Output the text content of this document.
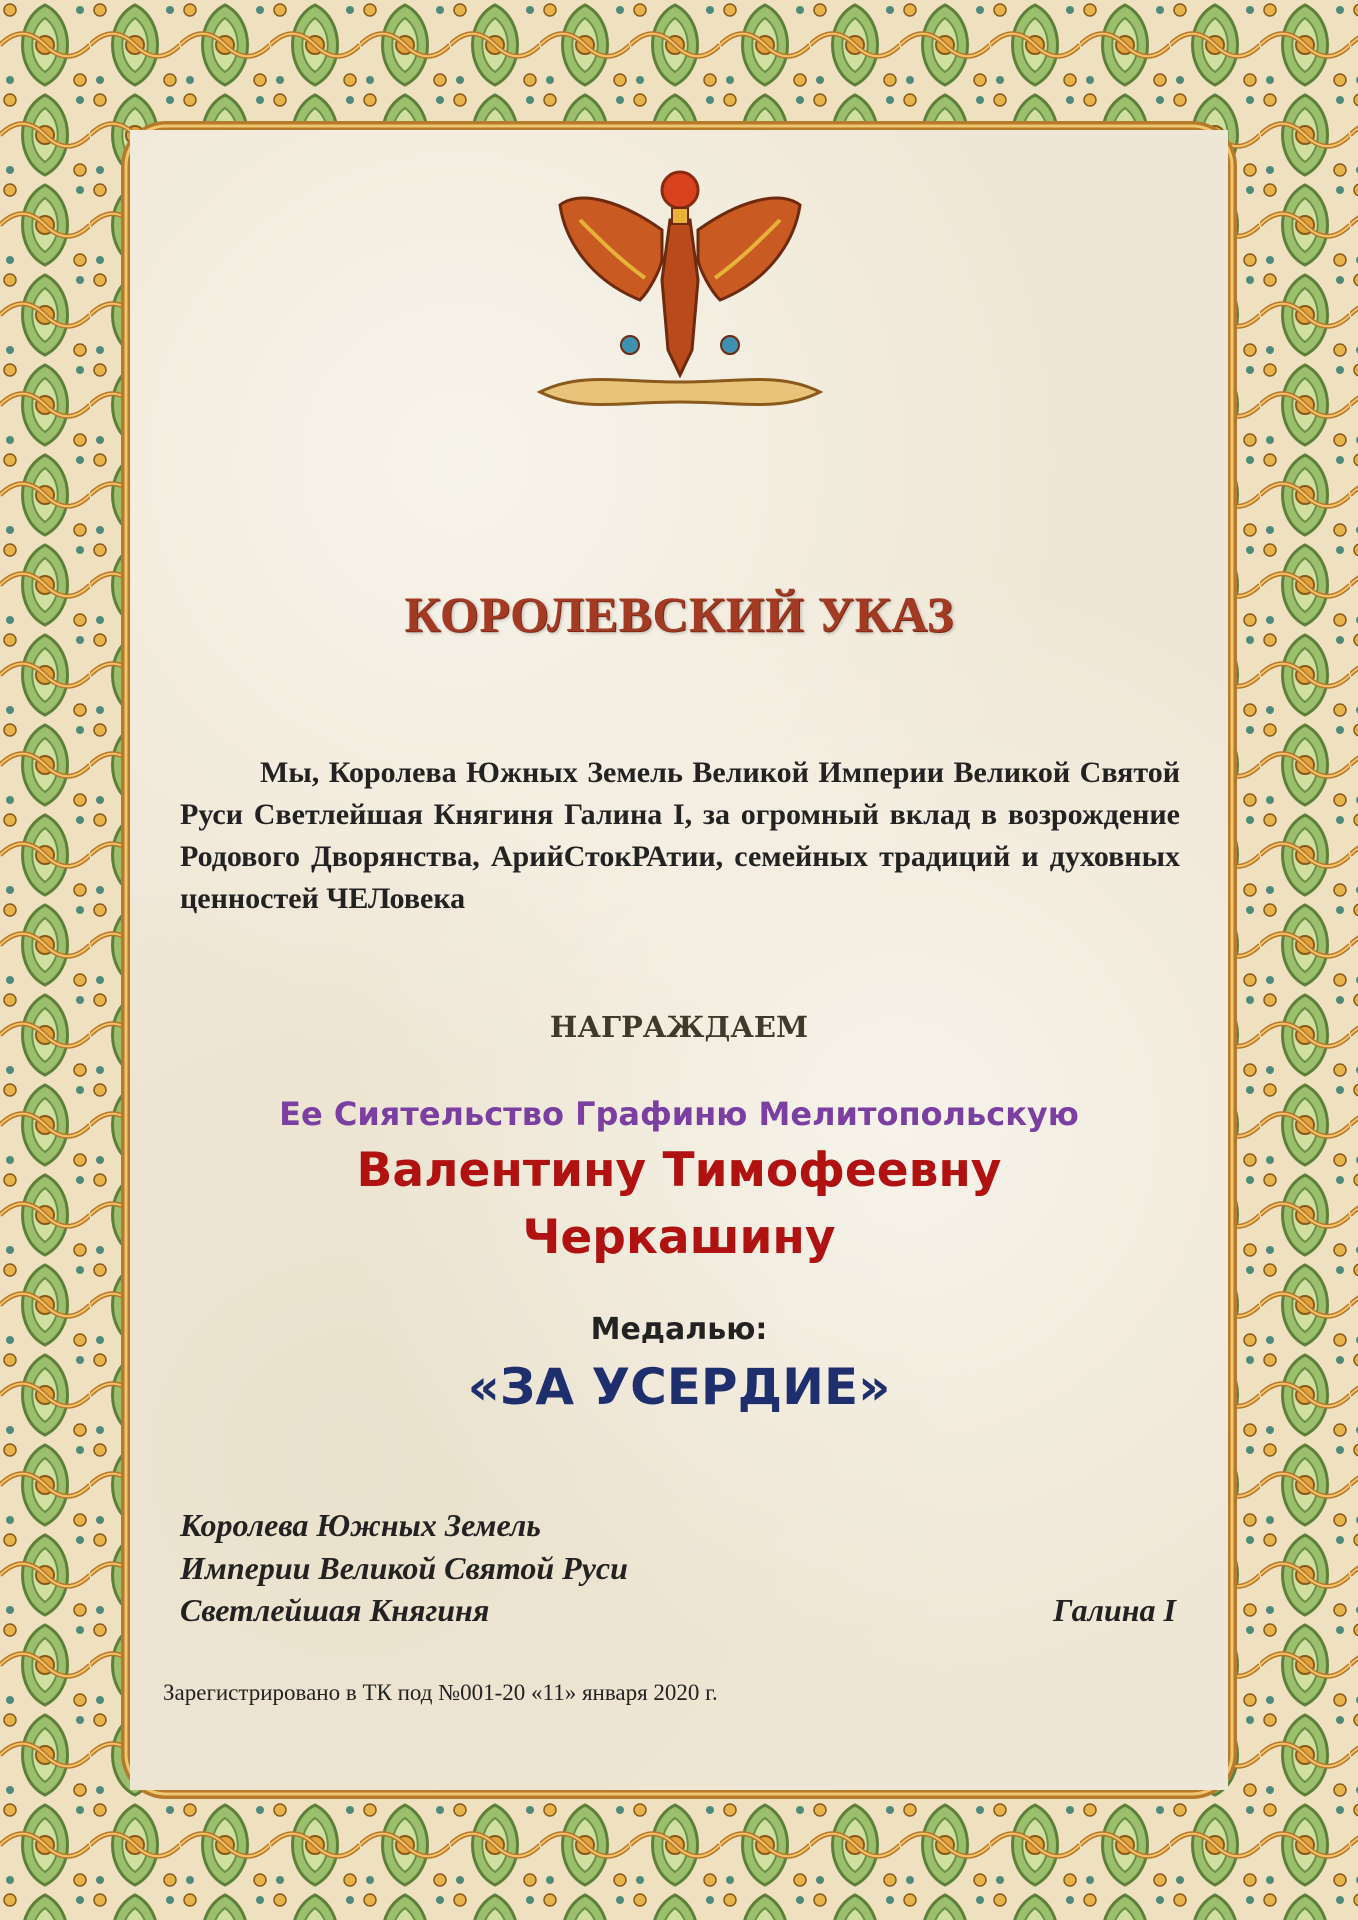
КОРОЛЕВСКИЙ УКАЗ

Мы, Королева Южных Земель Великой Империи Великой Святой Руси Светлейшая Княгиня Галина I, за огромный вклад в возрождение Родового Дворянства, АрийСтокРАтии, семейных традиций и духовных ценностей ЧЕЛовека

НАГРАЖДАЕМ
Ее Сиятельство Графиню Мелитопольскую
Валентину Тимофеевну
Черкашину
Медалью:
«ЗА УСЕРДИЕ»
Королева Южных Земель
Империи Великой Святой Руси
Светлейшая Княгиня	Галина I
Зарегистрировано в ТК под №001-20 «11» января 2020 г.
